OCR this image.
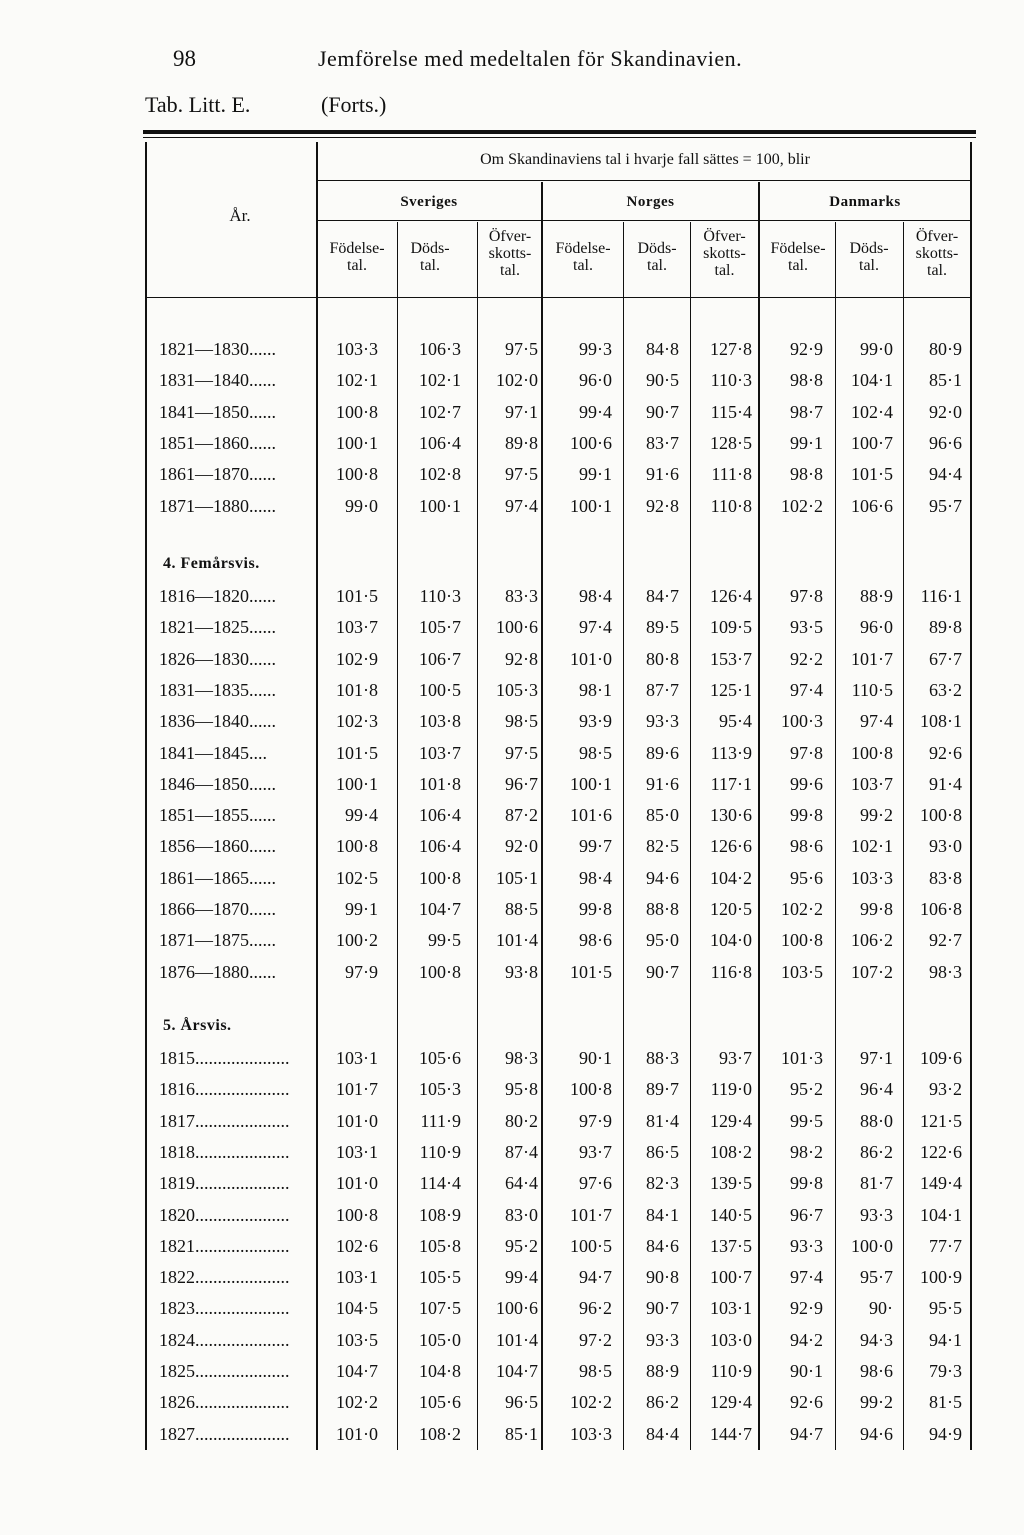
98	Jemförelse med medeltalen för Skandinavien.
Tab. Litt. E.	(Forts.)
År.
Om Skandinaviens tal i hvarje fall sättes = 100, blir
Sveriges	Norges	Danmarks
Födelse- tal.
Döds- tal.
Öfver- skotts- tal.
Födelse- tal.
Döds- tal.
Öfver- skotts- tal.
Födelse- tal.
Döds- tal.
Öfver- skotts- tal.
4. Femårsvis.
5. Årsvis.
1821—1830......	103·3 106·3 97·5 99·3 84·8 127·8 92·9 99·0 80·9
1831—1840......	102·1 102·1 102·0 96·0 90·5 110·3 98·8 104·1 85·1
1841—1850......	100·8 102·7 97·1 99·4 90·7 115·4 98·7 102·4 92·0
1851—1860......	100·1 106·4 89·8 100·6 83·7 128·5 99·1 100·7 96·6
1861—1870......	100·8 102·8 97·5 99·1 91·6 111·8 98·8 101·5 94·4
1871—1880......	99·0 100·1 97·4 100·1 92·8 110·8 102·2 106·6 95·7
1816—1820......	101·5 110·3 83·3 98·4 84·7 126·4 97·8 88·9 116·1
1821—1825......	103·7 105·7 100·6 97·4 89·5 109·5 93·5 96·0 89·8
1826—1830......	102·9 106·7 92·8 101·0 80·8 153·7 92·2 101·7 67·7
1831—1835......	101·8 100·5 105·3 98·1 87·7 125·1 97·4 110·5 63·2
1836—1840......	102·3 103·8 98·5 93·9 93·3 95·4 100·3 97·4 108·1
1841—1845....	101·5 103·7 97·5 98·5 89·6 113·9 97·8 100·8 92·6
1846—1850......	100·1 101·8 96·7 100·1 91·6 117·1 99·6 103·7 91·4
1851—1855......	99·4 106·4 87·2 101·6 85·0 130·6 99·8 99·2 100·8
1856—1860......	100·8 106·4 92·0 99·7 82·5 126·6 98·6 102·1 93·0
1861—1865......	102·5 100·8 105·1 98·4 94·6 104·2 95·6 103·3 83·8
1866—1870......	99·1 104·7 88·5 99·8 88·8 120·5 102·2 99·8 106·8
1871—1875......	100·2	99·5 101·4 98·6 95·0 104·0 100·8 106·2 92·7
1876—1880......	97·9 100·8 93·8 101·5 90·7 116·8 103·5 107·2 98·3
1815.....................	103·1 105·6 98·3 90·1 88·3 93·7 101·3 97·1 109·6
1816.....................	101·7 105·3 95·8 100·8 89·7 119·0 95·2 96·4 93·2
1817.....................	101·0 111·9 80·2 97·9 81·4 129·4 99·5 88·0 121·5
1818.....................	103·1 110·9 87·4 93·7 86·5 108·2 98·2 86·2 122·6
1819.....................	101·0 114·4 64·4 97·6 82·3 139·5 99·8 81·7 149·4
1820.....................	100·8 108·9 83·0 101·7 84·1 140·5 96·7 93·3 104·1
1821.....................	102·6 105·8 95·2 100·5 84·6 137·5 93·3 100·0 77·7
1822.....................	103·1 105·5 99·4 94·7 90·8 100·7 97·4 95·7 100·9
1823.....................	104·5 107·5 100·6 96·2 90·7 103·1 92·9	90· 95·5
1824.....................	103·5 105·0 101·4 97·2 93·3 103·0 94·2 94·3 94·1
1825.....................	104·7 104·8 104·7 98·5 88·9 110·9 90·1 98·6 79·3
1826.....................	102·2 105·6 96·5 102·2 86·2 129·4 92·6 99·2 81·5
1827.....................	101·0 108·2 85·1 103·3 84·4 144·7 94·7 94·6 94·9
